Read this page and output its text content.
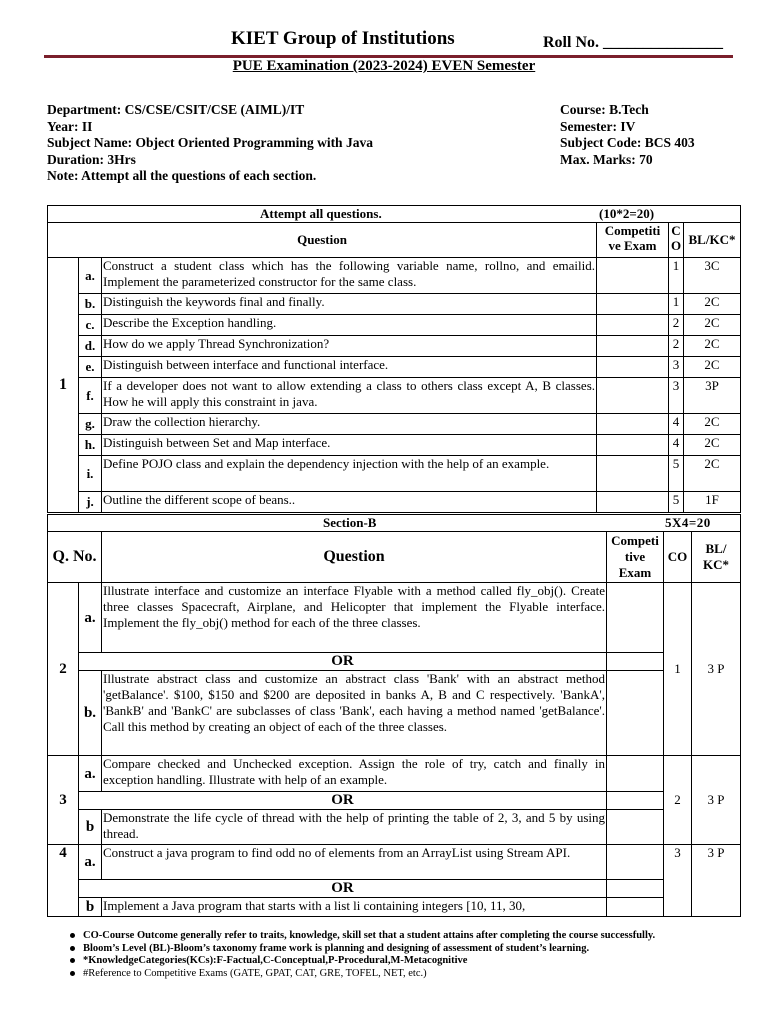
KIET Group of Institutions	Roll No. _______________
PUE Examination (2023-2024) EVEN Semester
Department: CS/CSE/CSIT/CSE (AIML)/IT
Year: II
Subject Name: Object Oriented Programming with Java
Duration: 3Hrs
Note: Attempt all the questions of each section.
Course: B.Tech
Semester: IV
Subject Code: BCS 403
Max. Marks: 70
Attempt all questions. (10*2=20)					

Question			Competiti ve Exam	C O	BL/KC*
1	a.	Construct a student class which has the following variable name, rollno, and emailid. Implement the parameterized constructor for the same class.		1	3C
	b.	Distinguish the keywords final and finally.		1	2C
	c.	Describe the Exception handling.		2	2C
	d.	How do we apply Thread Synchronization?		2	2C
	e.	Distinguish between interface and functional interface.		3	2C
	f.	If a developer does not want to allow extending a class to others class except A, B classes. How he will apply this constraint in java.		3	3P
	g.	Draw the collection hierarchy.		4	2C
	h.	Distinguish between Set and Map interface.		4	2C
	i.	Define POJO class and explain the dependency injection with the help of an example.		5	2C
	j.	Outline the different scope of beans..		5	1F
Section-B 5X4=20					

Q. No.		Question	Competi tive Exam	CO	BL/ KC*
2	a.	Illustrate interface and customize an interface Flyable with a method called fly_obj(). Create three classes Spacecraft, Airplane, and Helicopter that implement the Flyable interface. Implement the fly_obj() method for each of the three classes.		1	3 P
	OR				
	b.	Illustrate abstract class and customize an abstract class 'Bank' with an abstract method 'getBalance'. $100, $150 and $200 are deposited in banks A, B and C respectively. 'BankA', 'BankB' and 'BankC' are subclasses of class 'Bank', each having a method named 'getBalance'. Call this method by creating an object of each of the three classes.			
3	a.	Compare checked and Unchecked exception. Assign the role of try, catch and finally in exception handling. Illustrate with help of an example.		2	3 P
	OR				
	b	Demonstrate the life cycle of thread with the help of printing the table of 2, 3, and 5 by using thread.			
4	a.	Construct a java program to find odd no of elements from an ArrayList using Stream API.		3	3 P
	OR				
	b	Implement a Java program that starts with a list li containing integers [10, 11, 30,			
CO-Course Outcome generally refer to traits, knowledge, skill set that a student attains after completing the course successfully.
Bloom’s Level (BL)-Bloom’s taxonomy frame work is planning and designing of assessment of student’s learning.
*KnowledgeCategories(KCs):F-Factual,C-Conceptual,P-Procedural,M-Metacognitive
#Reference to Competitive Exams (GATE, GPAT, CAT, GRE, TOFEL, NET, etc.)
